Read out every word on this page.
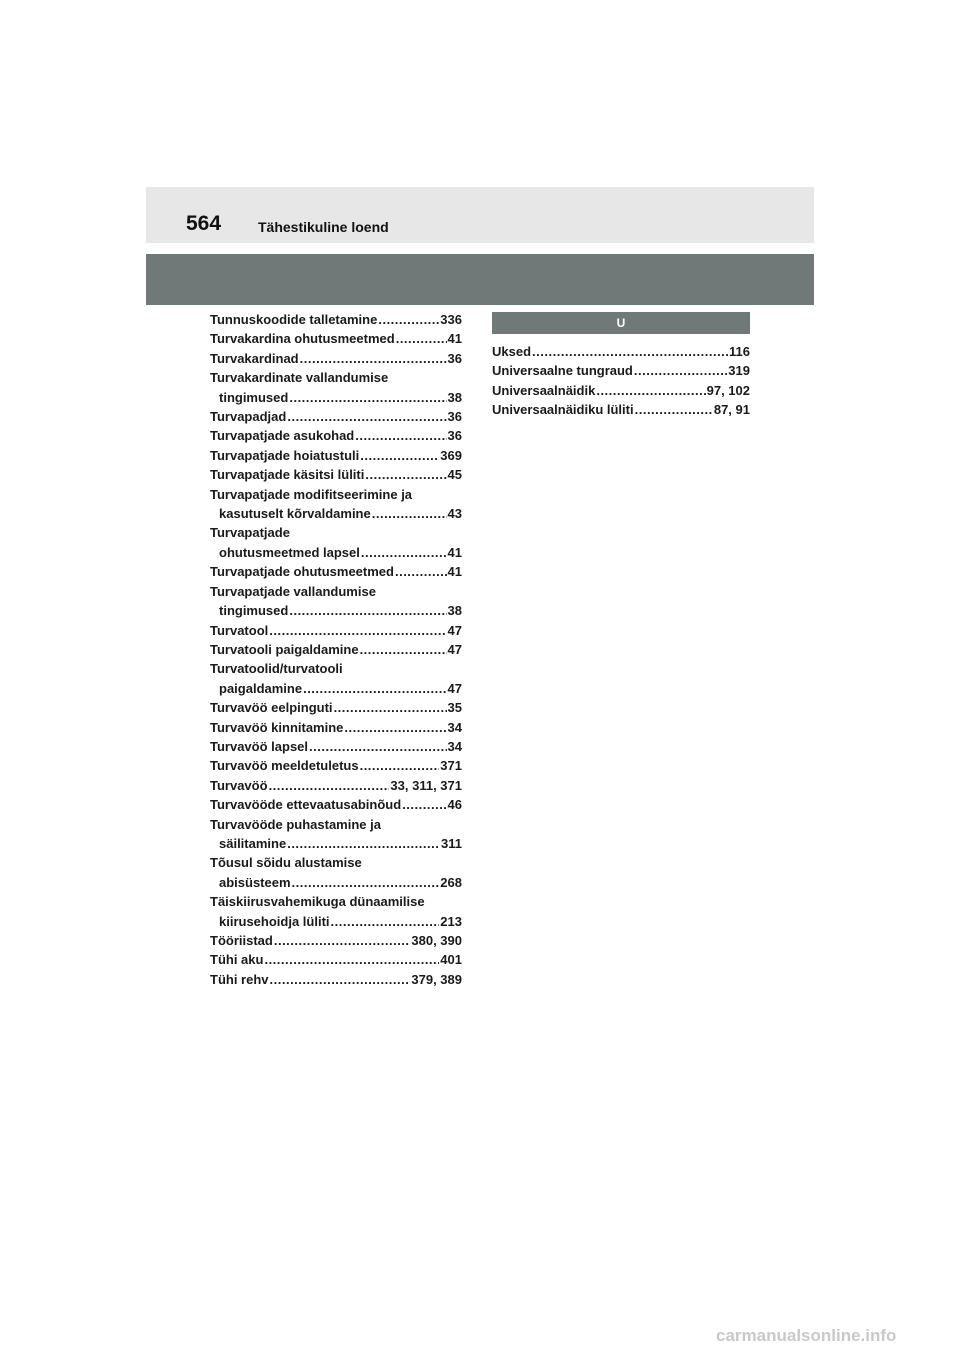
564	Tähestikuline loend
Tunnuskoodide talletamine .....	336
Turvakardina ohutusmeetmed .....	41
Turvakardinad .....	36
Turvakardinate vallandumise
tingimused .....	38
Turvapadjad .....	36
Turvapatjade asukohad .....	36
Turvapatjade hoiatustuli .....	369
Turvapatjade käsitsi lüliti .....	45
Turvapatjade modifitseerimine ja
kasutuselt kõrvaldamine .....	43
Turvapatjade
ohutusmeetmed lapsel .....	41
Turvapatjade ohutusmeetmed .....	41
Turvapatjade vallandumise
tingimused .....	38
Turvatool .....	47
Turvatooli paigaldamine .....	47
Turvatoolid/turvatooli
paigaldamine .....	47
Turvavöö eelpinguti .....	35
Turvavöö kinnitamine .....	34
Turvavöö lapsel .....	34
Turvavöö meeldetuletus .....	371
Turvavöö .....	33, 311, 371
Turvavööde ettevaatusabinõud .....	46
Turvavööde puhastamine ja
säilitamine .....	311
Tõusul sõidu alustamise
abisüsteem .....	268
Täiskiirusvahemikuga dünaamilise
kiirusehoidja lüliti .....	213
Tööriistad .....	380, 390
Tühi aku .....	401
Tühi rehv .....	379, 389
U
Uksed .....	116
Universaalne tungraud .....	319
Universaalnäidik .....	97, 102
Universaalnäidiku lüliti .....	87, 91
carmanualsonline.info
